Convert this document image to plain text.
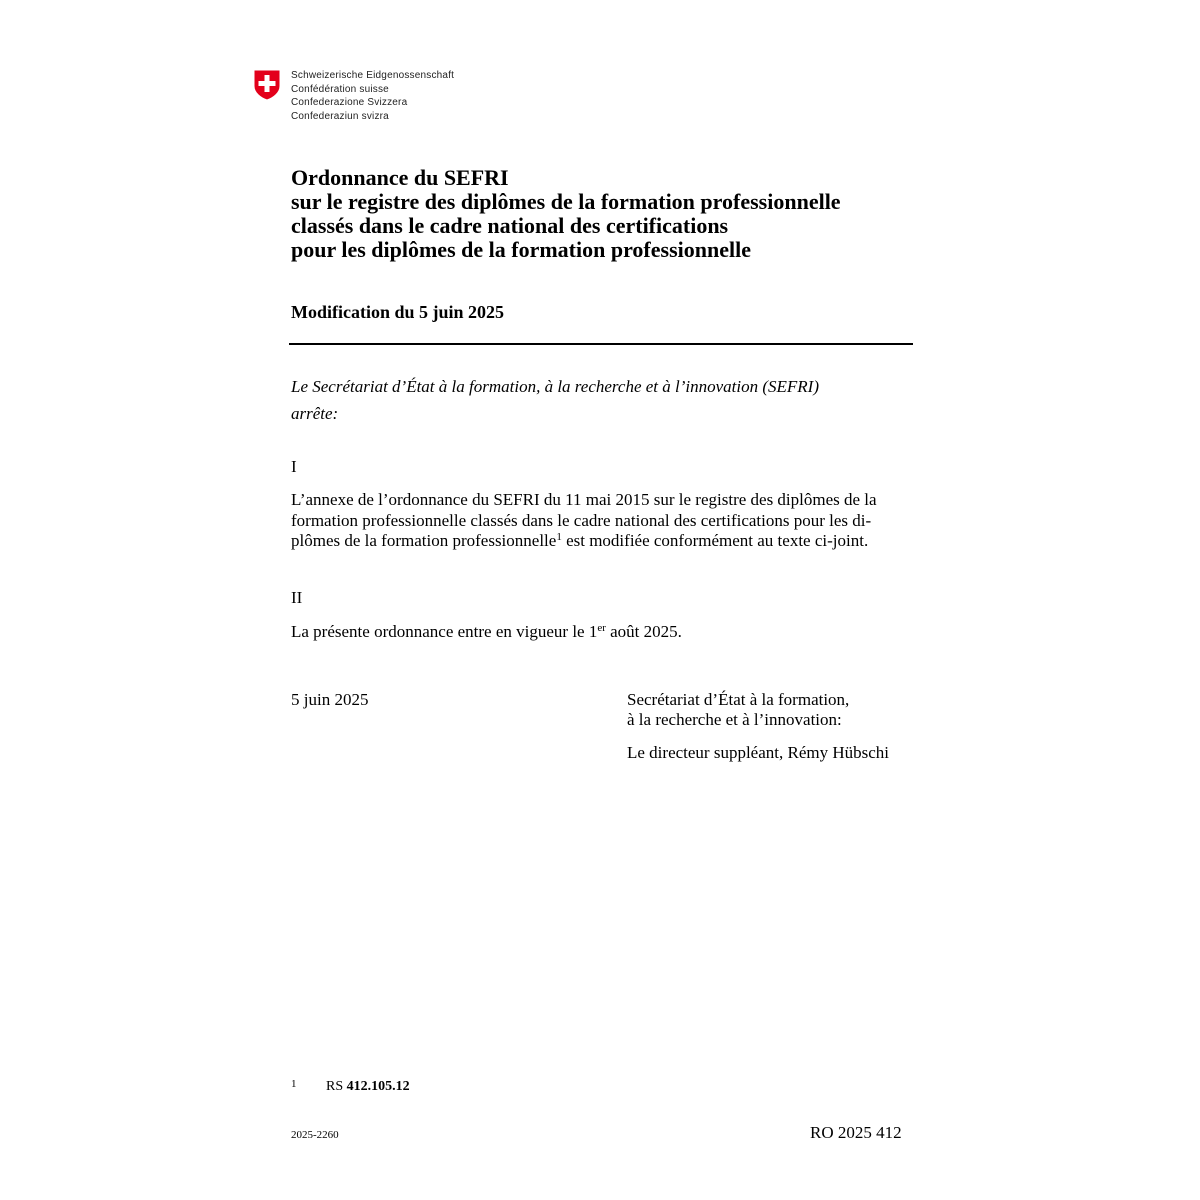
Schweizerische Eidgenossenschaft
Confédération suisse
Confederazione Svizzera
Confederaziun svizra
Ordonnance du SEFRI
sur le registre des diplômes de la formation professionnelle
classés dans le cadre national des certifications
pour les diplômes de la formation professionnelle
Modification du 5 juin 2025
Le Secrétariat d’État à la formation, à la recherche et à l’innovation (SEFRI)
arrête:
I
L’annexe de l’ordonnance du SEFRI du 11 mai 2015 sur le registre des diplômes de la
formation professionnelle classés dans le cadre national des certifications pour les di-
plômes de la formation professionnelle$^1$ est modifiée conformément au texte ci-joint.
II
La présente ordonnance entre en vigueur le 1er août 2025.
5 juin 2025	Secrétariat d’État à la formation,
à la recherche et à l’innovation:
Le directeur suppléant, Rémy Hübschi
1 RS 412.105.12
2025-2260	RO 2025 412
